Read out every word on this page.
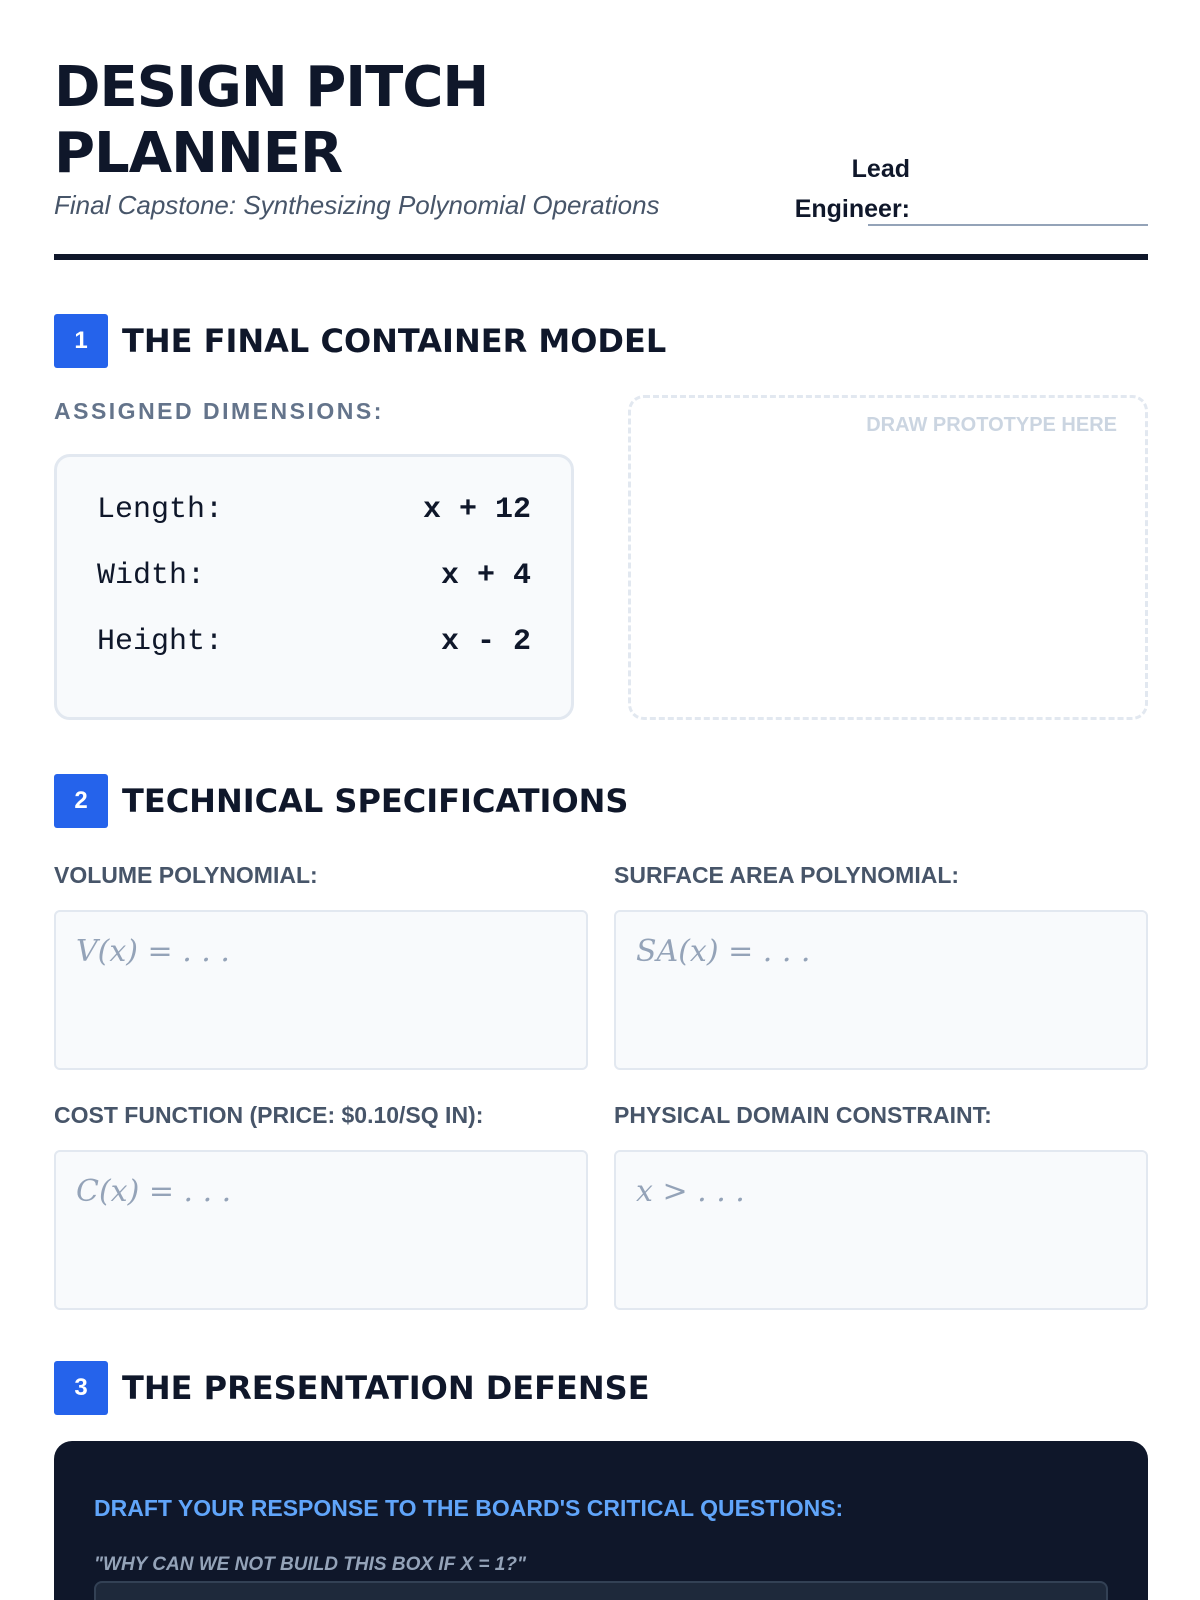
DESIGN PITCH PLANNER
Final Capstone: Synthesizing Polynomial Operations
Lead Engineer:
1	THE FINAL CONTAINER MODEL
ASSIGNED DIMENSIONS:
Length:	x + 12
Width:	x + 4
Height:	x - 2
DRAW PROTOTYPE HERE
2	TECHNICAL SPECIFICATIONS
VOLUME POLYNOMIAL:
V(x) = . . .
SURFACE AREA POLYNOMIAL:
SA(x) = . . .
COST FUNCTION (PRICE: $0.10/SQ IN):
C(x) = . . .
PHYSICAL DOMAIN CONSTRAINT:
x > . . .
3	THE PRESENTATION DEFENSE
DRAFT YOUR RESPONSE TO THE BOARD'S CRITICAL QUESTIONS:
"WHY CAN WE NOT BUILD THIS BOX IF X = 1?"
